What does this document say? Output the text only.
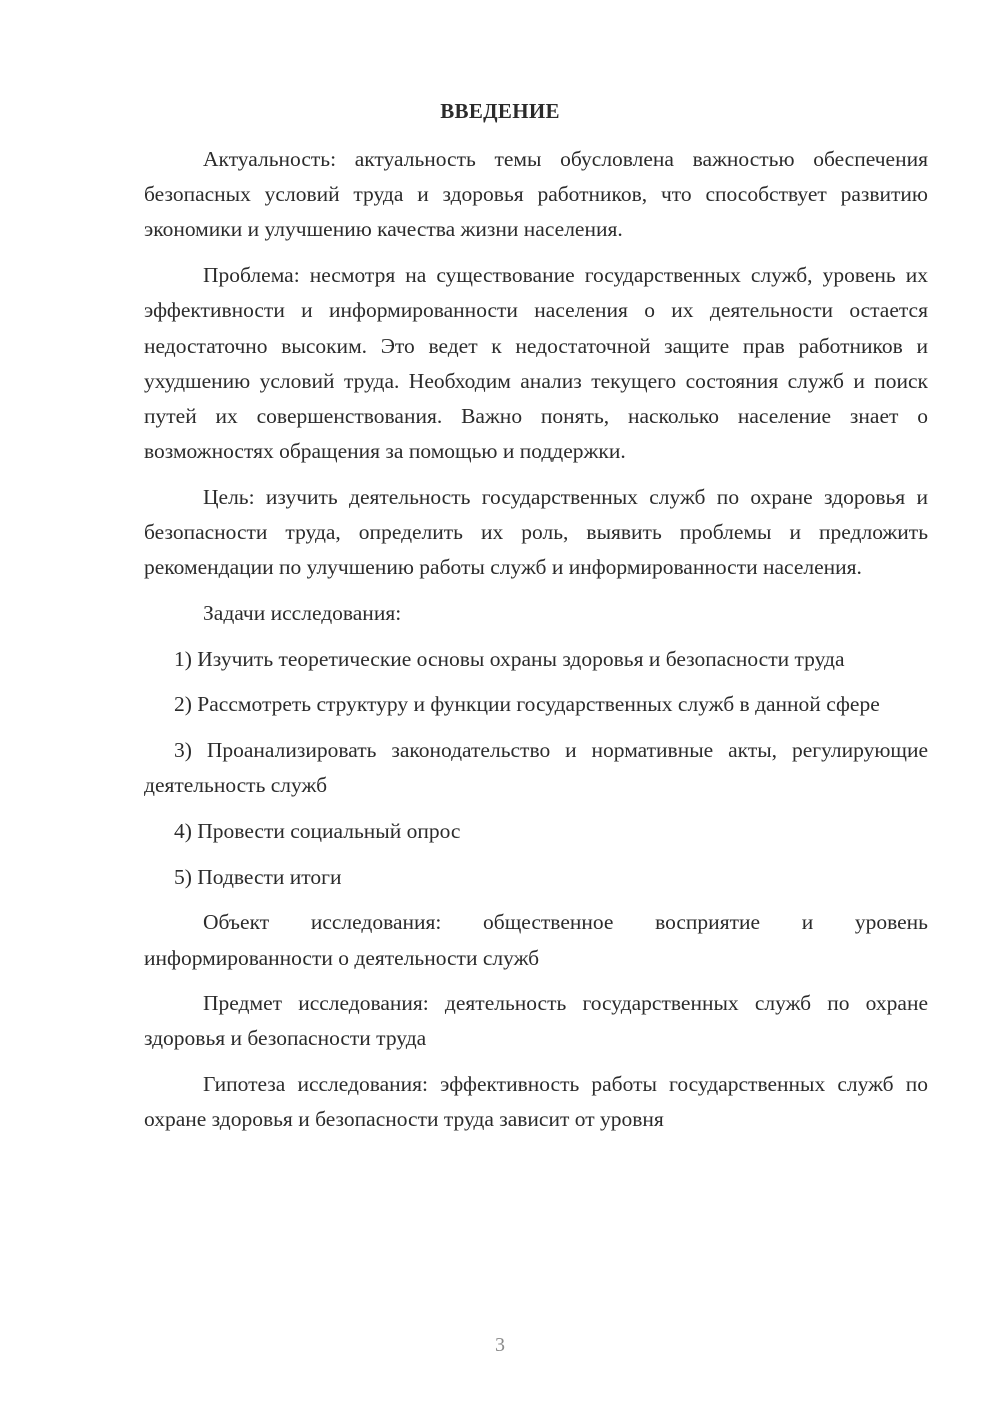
ВВЕДЕНИЕ

Актуальность: актуальность темы обусловлена важностью обеспечения безопасных условий труда и здоровья работников, что способствует развитию экономики и улучшению качества жизни населения.

Проблема: несмотря на существование государственных служб, уровень их эффективности и информированности населения о их деятельности остается недостаточно высоким. Это ведет к недостаточной защите прав работников и ухудшению условий труда. Необходим анализ текущего состояния служб и поиск путей их совершенствования. Важно понять, насколько население знает о возможностях обращения за помощью и поддержки.

Цель: изучить деятельность государственных служб по охране здоровья и безопасности труда, определить их роль, выявить проблемы и предложить рекомендации по улучшению работы служб и информированности населения.

Задачи исследования:

1) Изучить теоретические основы охраны здоровья и безопасности труда

2) Рассмотреть структуру и функции государственных служб в данной сфере

3) Проанализировать законодательство и нормативные акты, регулирующие деятельность служб

4) Провести социальный опрос

5) Подвести итоги

Объект исследования: общественное восприятие и уровень информированности о деятельности служб

Предмет исследования: деятельность государственных служб по охране здоровья и безопасности труда

Гипотеза исследования: эффективность работы государственных служб по охране здоровья и безопасности труда зависит от уровня

3
